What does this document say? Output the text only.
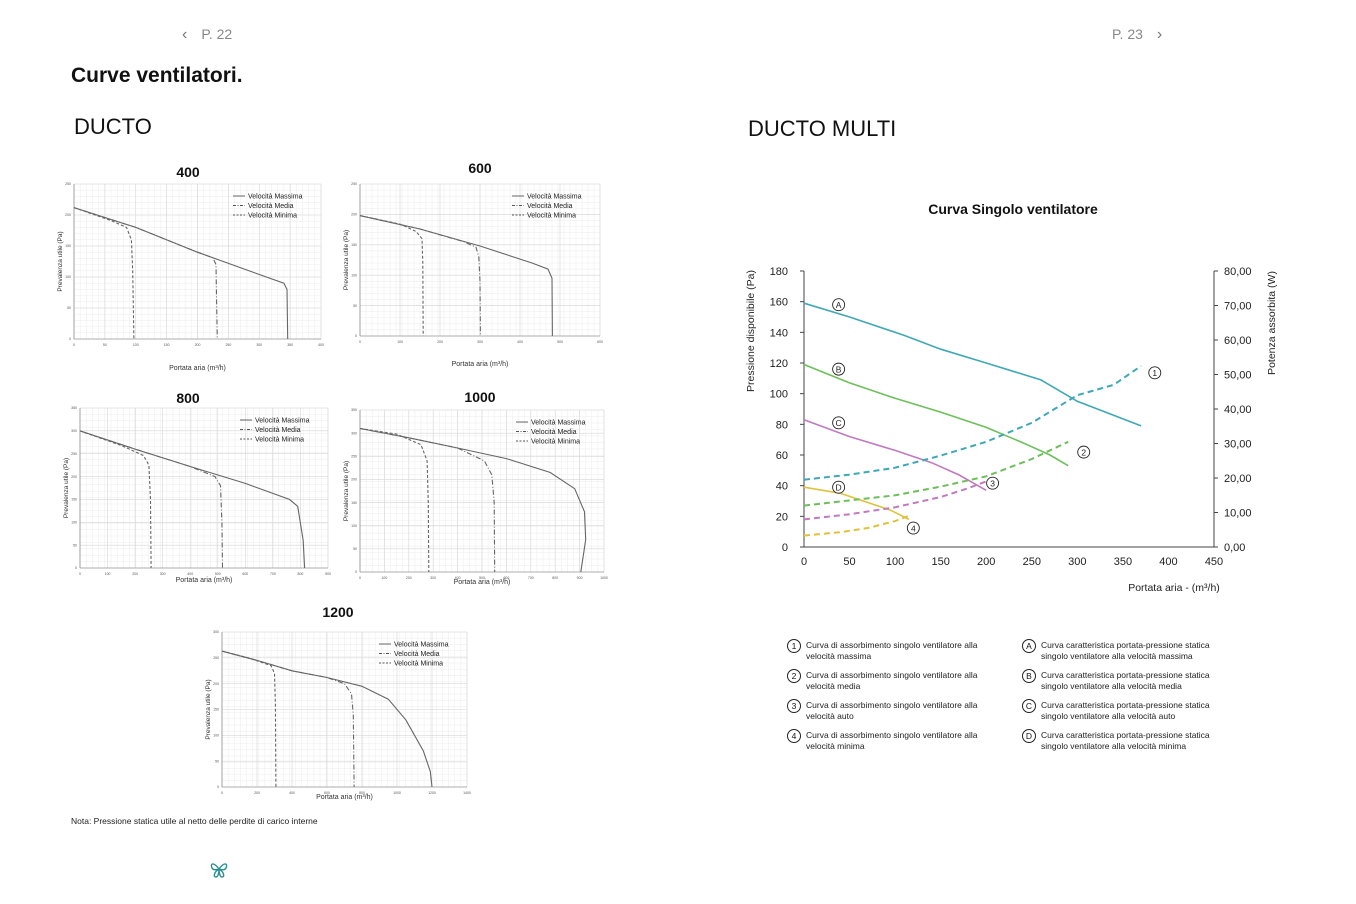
‹ P. 22	P. 23 ›
Curve ventilatori.
DUCTO	DUCTO MULTI
400
0	50	100	150	200	250	300	350	400
0
50
100
150
200
250
Prevalenza utile (Pa)
Velocità Massima
Velocità Media
Velocità Minima
Portata aria (m³/h)
600
0	100	200	300	400	500	600
0
50
100
150
200
250
Prevalenza utile (Pa)
Velocità Massima
Velocità Media
Velocità Minima
Portata aria (m³/h)
800
0	100	200	300	400	500	600	700	800	900
0
50
100
150
200
250
300
350
Prevalenza utile (Pa)
Velocità Massima
Velocità Media
Velocità Minima
Portata aria (m³/h)
1000
0	100	200	300	400	500	600	700	800	900	1000
0
50
100
150
200
250
300
350
Prevalenza utile (Pa)
Velocità Massima
Velocità Media
Velocità Minima
Portata aria (m³/h)
1200
0	200	400	600	800	1000	1200	1400
0
50
100
150
200
250
300
Prevalenza utile (Pa)
Velocità Massima
Velocità Media
Velocità Minima
Portata aria (m³/h)
Nota: Pressione statica utile al netto delle perdite di carico interne
Curva Singolo ventilatore
0
20
40
60
80
100
120
140
160
180
0,00
10,00
20,00
30,00
40,00
50,00
60,00
70,00
80,00
0	50	100 150 200 250 300 350 400 450
Pressione disponibile (Pa)	Potenza assorbita (W)
Portata aria - (m³/h)
A
B
C
D
1
2
3
4
1	Curva di assorbimento singolo ventilatore alla velocità massima
2	Curva di assorbimento singolo ventilatore alla velocità media
3	Curva di assorbimento singolo ventilatore alla velocità auto
4	Curva di assorbimento singolo ventilatore alla velocità minima
A	Curva caratteristica portata-pressione statica singolo ventilatore alla velocità massima
B	Curva caratteristica portata-pressione statica singolo ventilatore alla velocità media
C	Curva caratteristica portata-pressione statica singolo ventilatore alla velocità auto
D	Curva caratteristica portata-pressione statica singolo ventilatore alla velocità minima
